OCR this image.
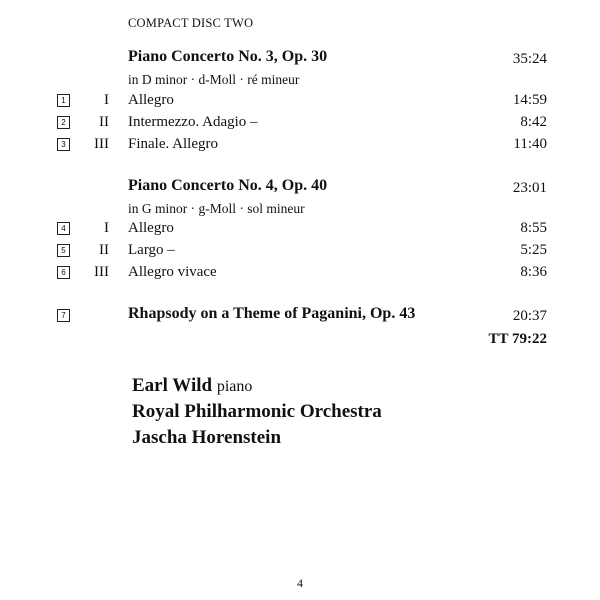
COMPACT DISC TWO
Piano Concerto No. 3, Op. 30	35:24
in D minor · d-Moll · ré mineur
1	I Allegro	14:59
2	II Intermezzo. Adagio –	8:42
3	III Finale. Allegro	11:40
Piano Concerto No. 4, Op. 40	23:01
in G minor · g-Moll · sol mineur
4	I Allegro	8:55
5	II Largo –	5:25
6	III Allegro vivace	8:36
7	Rhapsody on a Theme of Paganini, Op. 43	20:37
TT 79:22
Earl Wild piano
Royal Philharmonic Orchestra
Jascha Horenstein
4
